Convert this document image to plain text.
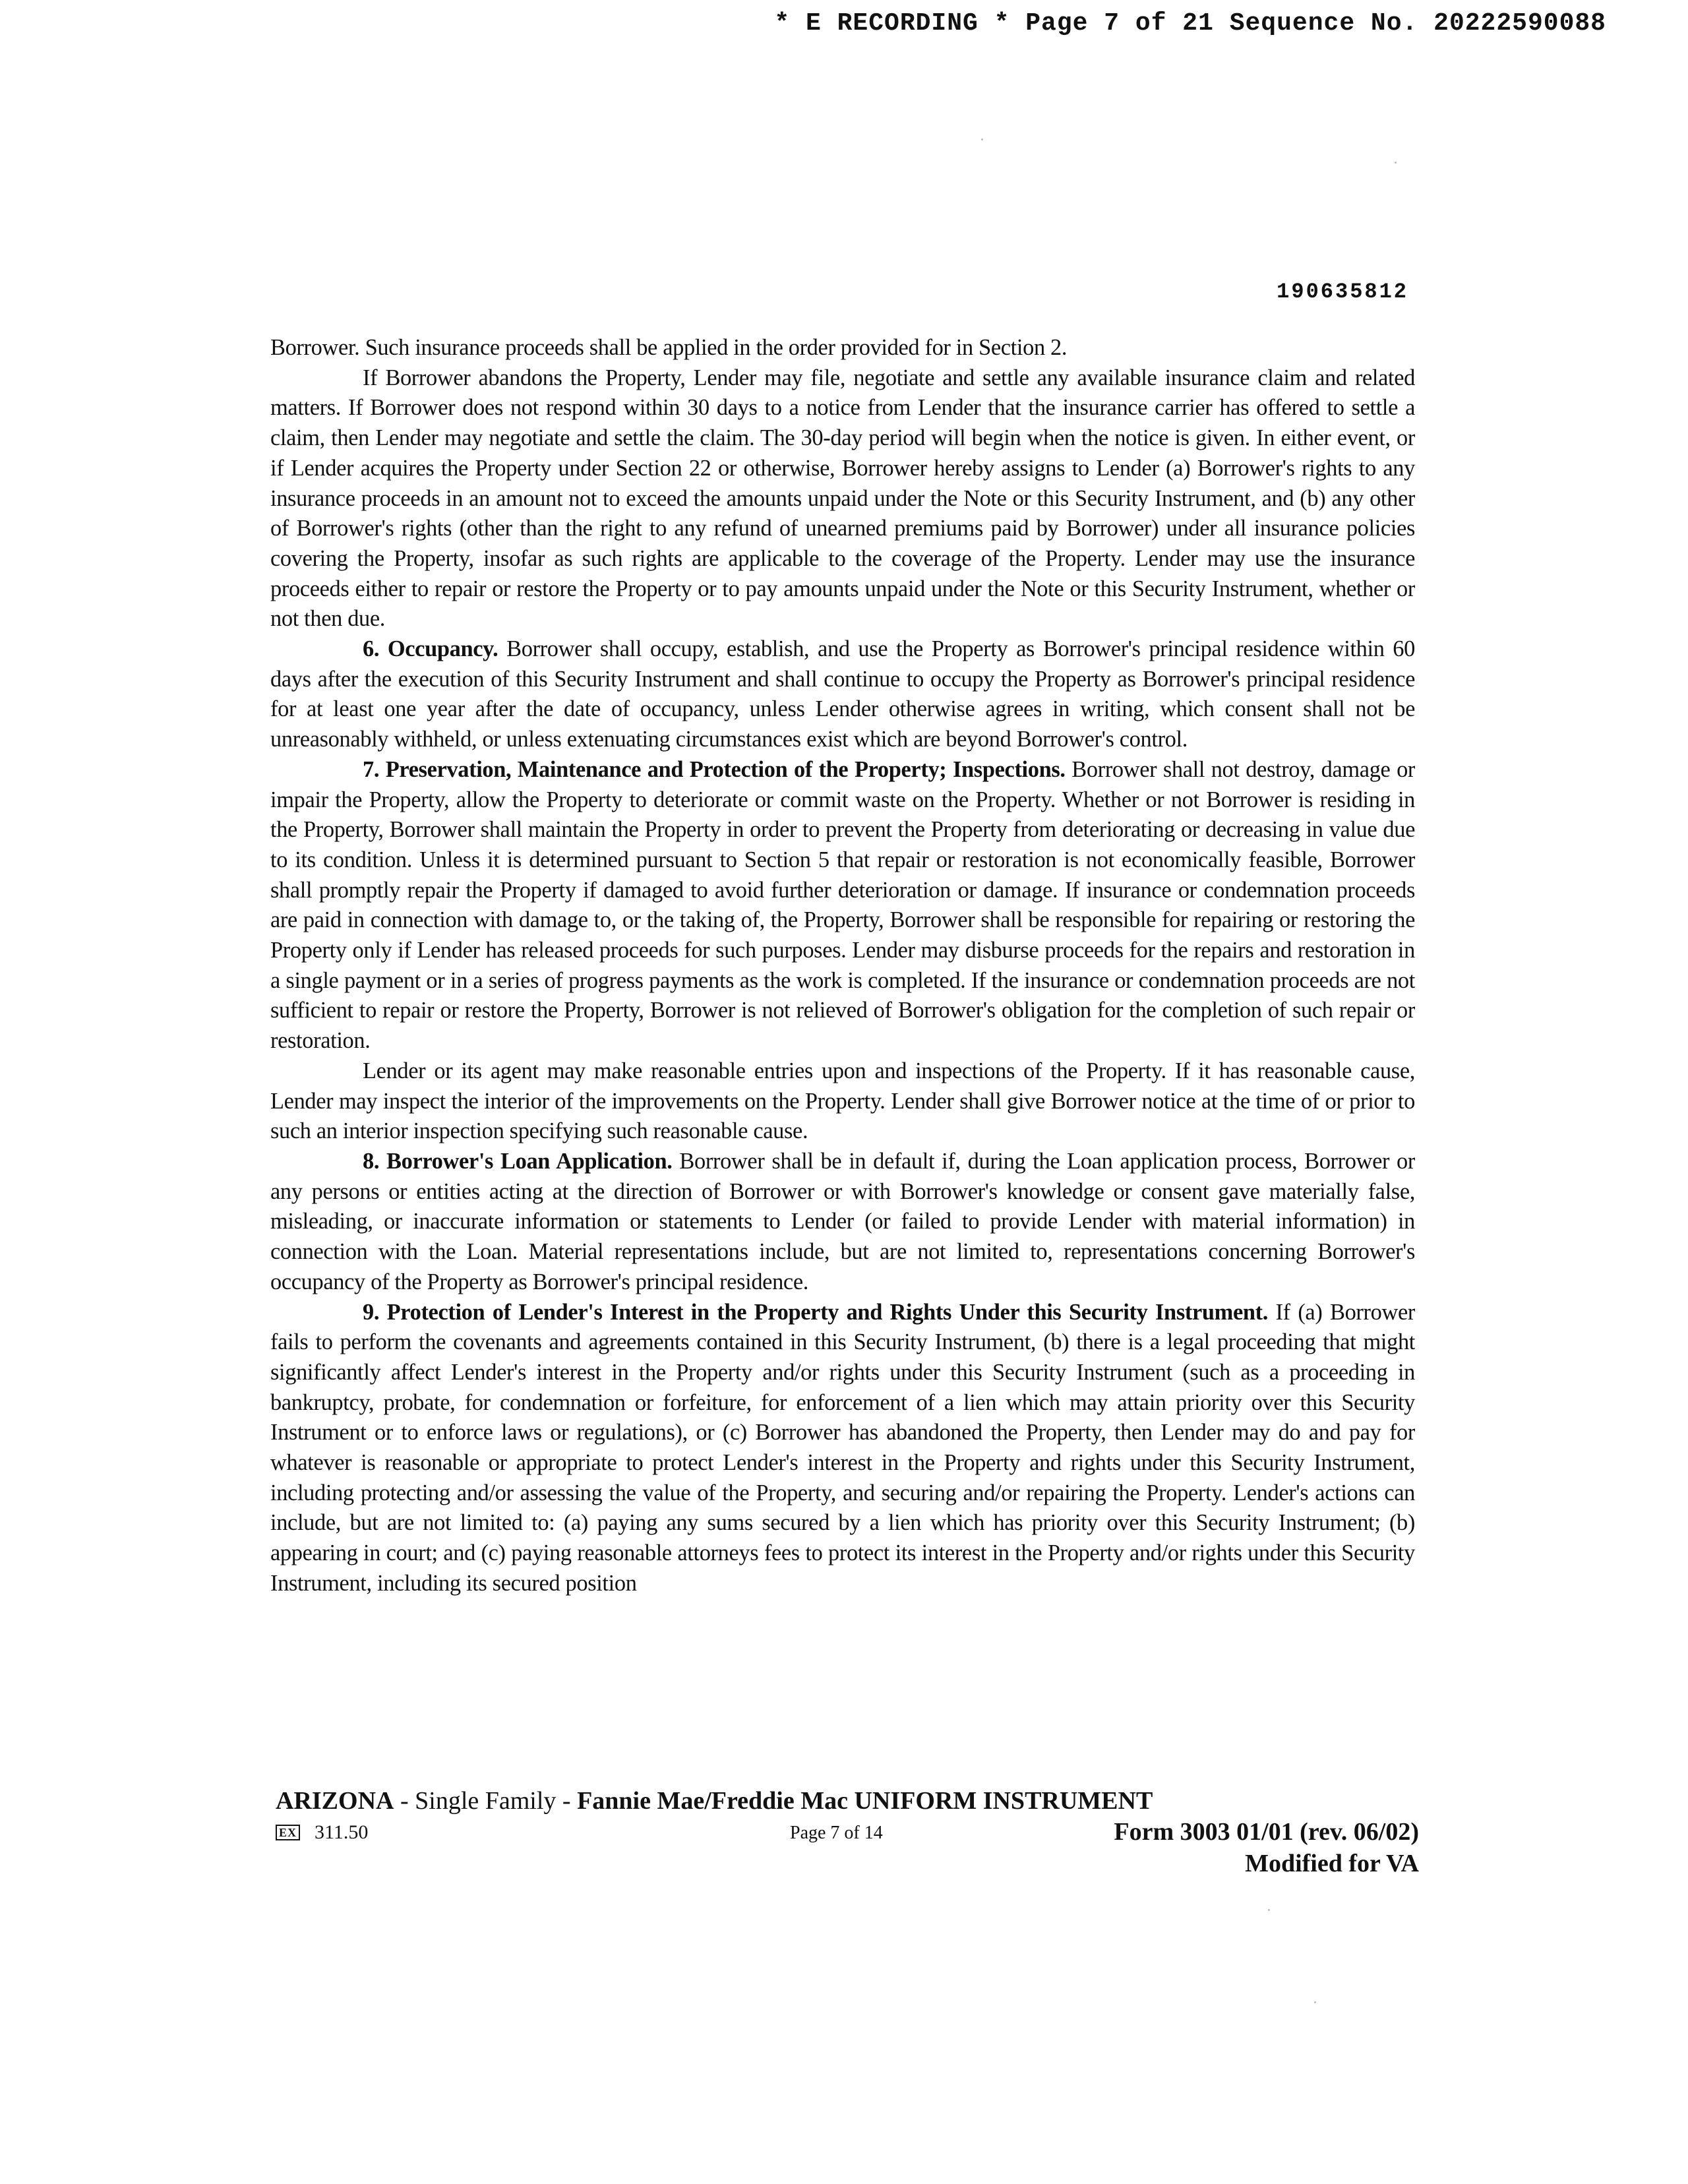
* E RECORDING * Page 7 of 21 Sequence No. 20222590088
190635812

Borrower. Such insurance proceeds shall be applied in the order provided for in Section 2.

If Borrower abandons the Property, Lender may file, negotiate and settle any available insurance claim and related matters. If Borrower does not respond within 30 days to a notice from Lender that the insurance carrier has offered to settle a claim, then Lender may negotiate and settle the claim. The 30-day period will begin when the notice is given. In either event, or if Lender acquires the Property under Section 22 or otherwise, Borrower hereby assigns to Lender (a) Borrower's rights to any insurance proceeds in an amount not to exceed the amounts unpaid under the Note or this Security Instrument, and (b) any other of Borrower's rights (other than the right to any refund of unearned premiums paid by Borrower) under all insurance policies covering the Property, insofar as such rights are applicable to the coverage of the Property. Lender may use the insurance proceeds either to repair or restore the Property or to pay amounts unpaid under the Note or this Security Instrument, whether or not then due.

6. Occupancy. Borrower shall occupy, establish, and use the Property as Borrower's principal residence within 60 days after the execution of this Security Instrument and shall continue to occupy the Property as Borrower's principal residence for at least one year after the date of occupancy, unless Lender otherwise agrees in writing, which consent shall not be unreasonably withheld, or unless extenuating circumstances exist which are beyond Borrower's control.

7. Preservation, Maintenance and Protection of the Property; Inspections. Borrower shall not destroy, damage or impair the Property, allow the Property to deteriorate or commit waste on the Property. Whether or not Borrower is residing in the Property, Borrower shall maintain the Property in order to prevent the Property from deteriorating or decreasing in value due to its condition. Unless it is determined pursuant to Section 5 that repair or restoration is not economically feasible, Borrower shall promptly repair the Property if damaged to avoid further deterioration or damage. If insurance or condemnation proceeds are paid in connection with damage to, or the taking of, the Property, Borrower shall be responsible for repairing or restoring the Property only if Lender has released proceeds for such purposes. Lender may disburse proceeds for the repairs and restoration in a single payment or in a series of progress payments as the work is completed. If the insurance or condemnation proceeds are not sufficient to repair or restore the Property, Borrower is not relieved of Borrower's obligation for the completion of such repair or restoration.

Lender or its agent may make reasonable entries upon and inspections of the Property. If it has reasonable cause, Lender may inspect the interior of the improvements on the Property. Lender shall give Borrower notice at the time of or prior to such an interior inspection specifying such reasonable cause.

8. Borrower's Loan Application. Borrower shall be in default if, during the Loan application process, Borrower or any persons or entities acting at the direction of Borrower or with Borrower's knowledge or consent gave materially false, misleading, or inaccurate information or statements to Lender (or failed to provide Lender with material information) in connection with the Loan. Material representations include, but are not limited to, representations concerning Borrower's occupancy of the Property as Borrower's principal residence.

9. Protection of Lender's Interest in the Property and Rights Under this Security Instrument. If (a) Borrower fails to perform the covenants and agreements contained in this Security Instrument, (b) there is a legal proceeding that might significantly affect Lender's interest in the Property and/or rights under this Security Instrument (such as a proceeding in bankruptcy, probate, for condemnation or forfeiture, for enforcement of a lien which may attain priority over this Security Instrument or to enforce laws or regulations), or (c) Borrower has abandoned the Property, then Lender may do and pay for whatever is reasonable or appropriate to protect Lender's interest in the Property and rights under this Security Instrument, including protecting and/or assessing the value of the Property, and securing and/or repairing the Property. Lender's actions can include, but are not limited to: (a) paying any sums secured by a lien which has priority over this Security Instrument; (b) appearing in court; and (c) paying reasonable attorneys fees to protect its interest in the Property and/or rights under this Security Instrument, including its secured position

ARIZONA - Single Family - Fannie Mae/Freddie Mac UNIFORM INSTRUMENT
EX 311.50	Page 7 of 14	Form 3003 01/01 (rev. 06/02)
Modified for VA
